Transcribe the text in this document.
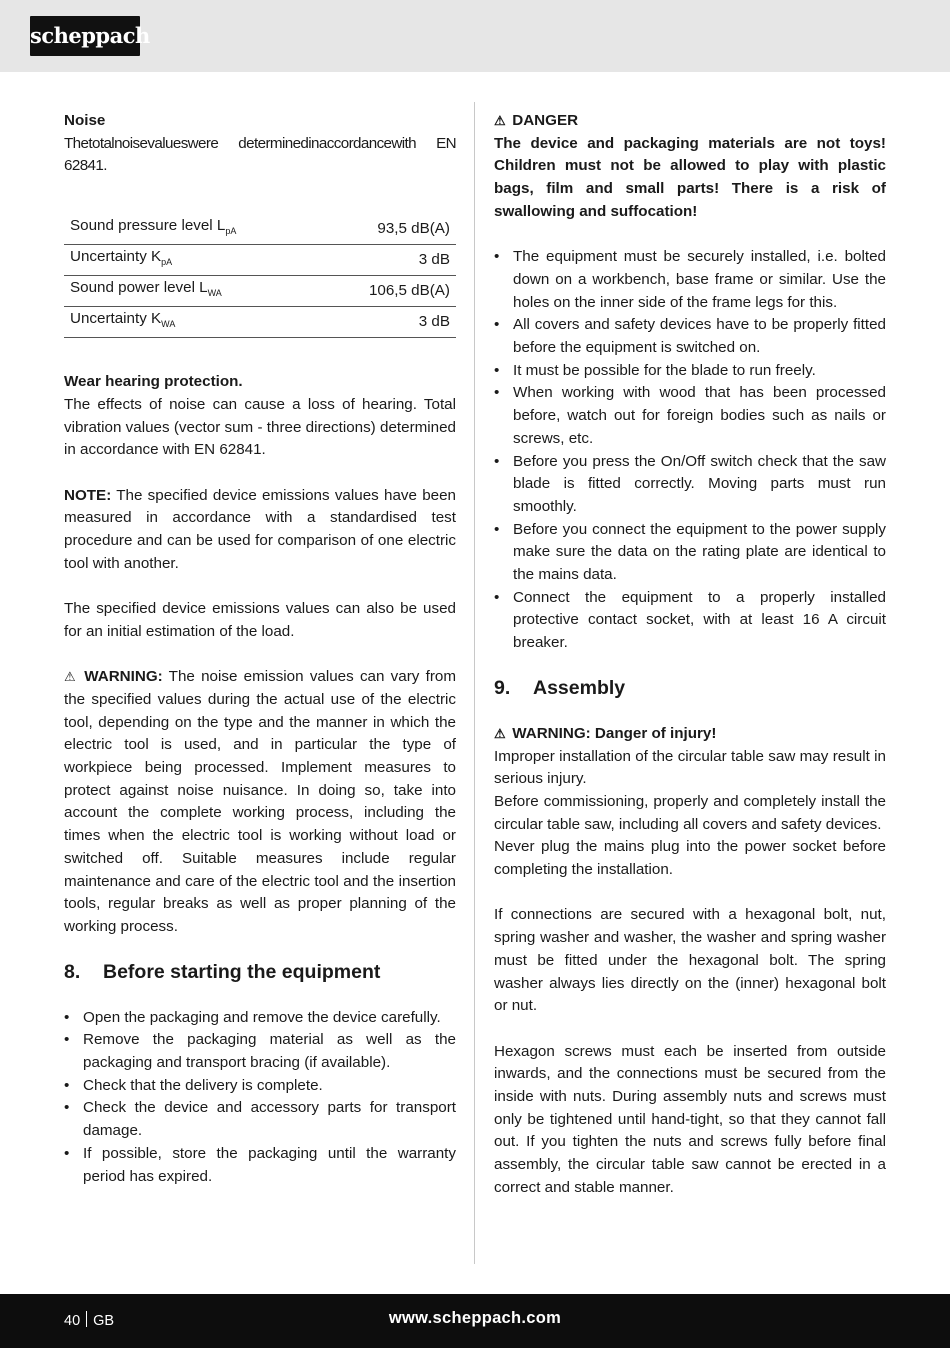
scheppach

Noise

Thetotalnoisevalueswere determinedinaccordancewith EN 62841.

Sound pressure level $L_{pA}$	93,5 dB(A)
Uncertainty $K_{pA}$	3 dB
Sound power level $L_{WA}$	106,5 dB(A)
Uncertainty $K_{WA}$	3 dB

Wear hearing protection.

The effects of noise can cause a loss of hearing. Total vibration values (vector sum - three directions) determined in accordance with EN 62841.

NOTE: The specified device emissions values have been measured in accordance with a standardised test procedure and can be used for comparison of one electric tool with another.

The specified device emissions values can also be used for an initial estimation of the load.

⚠ WARNING: The noise emission values can vary from the specified values during the actual use of the electric tool, depending on the type and the manner in which the electric tool is used, and in particular the type of workpiece being processed. Implement measures to protect against noise nuisance. In doing so, take into account the complete working process, including the times when the electric tool is working without load or switched off. Suitable measures include regular maintenance and care of the electric tool and the insertion tools, regular breaks as well as proper planning of the working process.

8. Before starting the equipment
• Open the packaging and remove the device carefully.
• Remove the packaging material as well as the packaging and transport bracing (if available).
• Check that the delivery is complete.
• Check the device and accessory parts for transport damage.
• If possible, store the packaging until the warranty period has expired.

⚠ DANGER

The device and packaging materials are not toys! Children must not be allowed to play with plastic bags, film and small parts! There is a risk of swallowing and suffocation!

• The equipment must be securely installed, i.e. bolted down on a workbench, base frame or similar. Use the holes on the inner side of the frame legs for this.
• All covers and safety devices have to be properly fitted before the equipment is switched on.
• It must be possible for the blade to run freely.
• When working with wood that has been processed before, watch out for foreign bodies such as nails or screws, etc.
• Before you press the On/Off switch check that the saw blade is fitted correctly. Moving parts must run smoothly.
• Before you connect the equipment to the power supply make sure the data on the rating plate are identical to the mains data.
• Connect the equipment to a properly installed protective contact socket, with at least 16 A circuit breaker.
9. Assembly

⚠ WARNING: Danger of injury!

Improper installation of the circular table saw may result in serious injury.

Before commissioning, properly and completely install the circular table saw, including all covers and safety devices.

Never plug the mains plug into the power socket before completing the installation.

If connections are secured with a hexagonal bolt, nut, spring washer and washer, the washer and spring washer must be fitted under the hexagonal bolt. The spring washer always lies directly on the (inner) hexagonal bolt or nut.

Hexagon screws must each be inserted from outside inwards, and the connections must be secured from the inside with nuts. During assembly nuts and screws must only be tightened until hand-tight, so that they cannot fall out. If you tighten the nuts and screws fully before final assembly, the circular table saw cannot be erected in a correct and stable manner.

40 GB	www.scheppach.com
